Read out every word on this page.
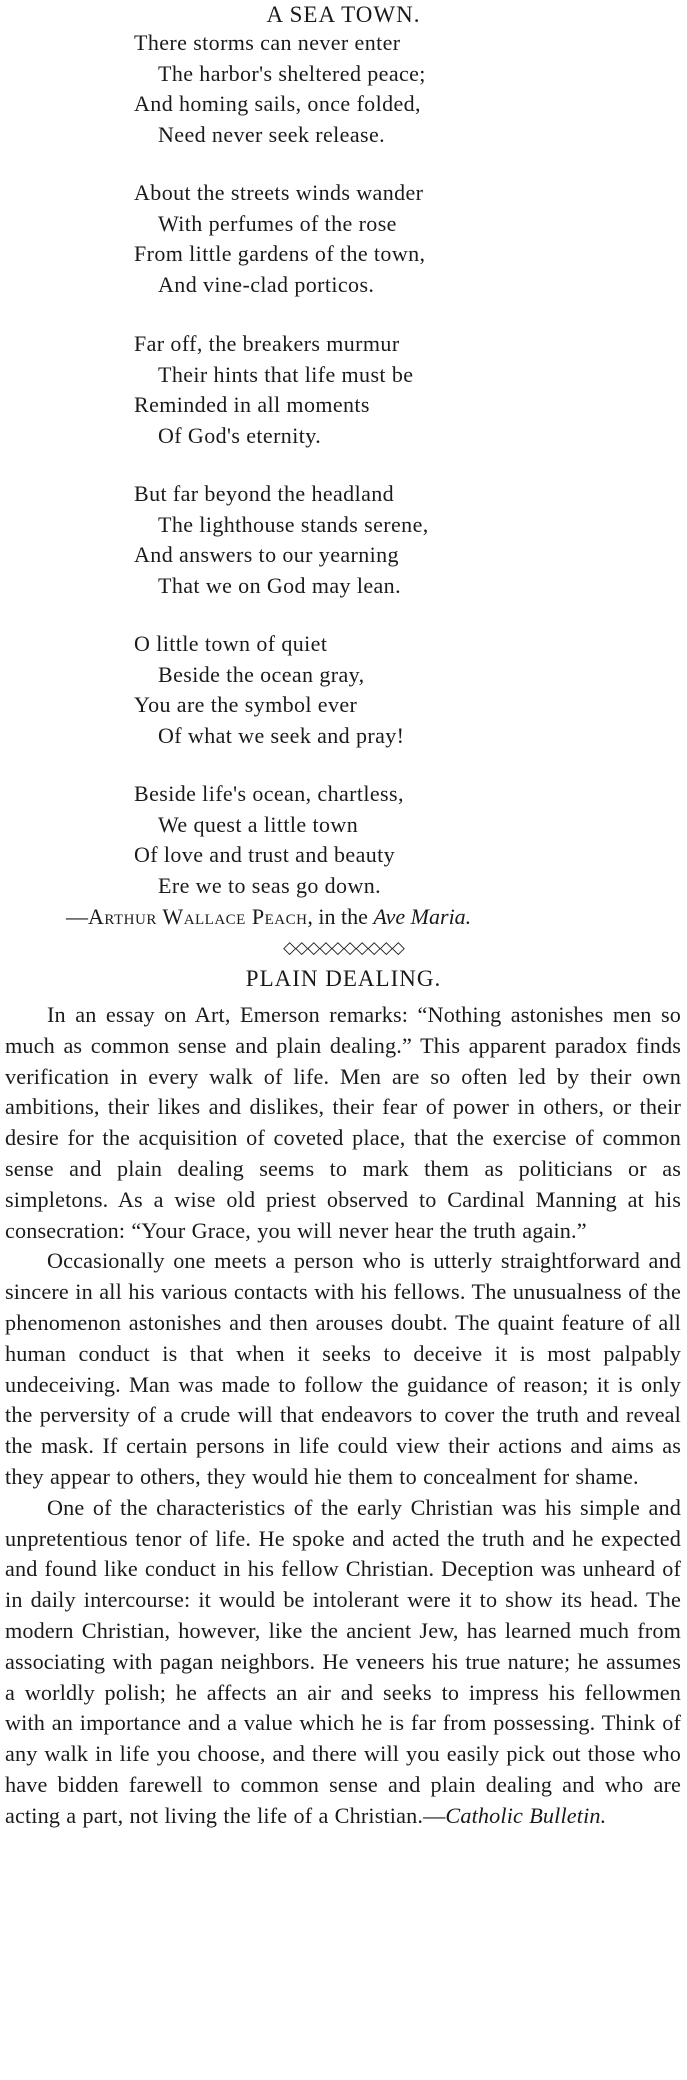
A SEA TOWN.
There storms can never enter
The harbor's sheltered peace;
And homing sails, once folded,
Need never seek release.
About the streets winds wander
With perfumes of the rose
From little gardens of the town,
And vine-clad porticos.
Far off, the breakers murmur
Their hints that life must be
Reminded in all moments
Of God's eternity.
But far beyond the headland
The lighthouse stands serene,
And answers to our yearning
That we on God may lean.
O little town of quiet
Beside the ocean gray,
You are the symbol ever
Of what we seek and pray!
Beside life's ocean, chartless,
We quest a little town
Of love and trust and beauty
Ere we to seas go down.
—Arthur Wallace Peach, in the Ave Maria.
◇◇◇◇◇◇◇◇◇◇
PLAIN DEALING.

In an essay on Art, Emerson remarks: “Nothing astonishes men so much as common sense and plain dealing.” This apparent paradox finds verification in every walk of life. Men are so often led by their own ambitions, their likes and dislikes, their fear of power in others, or their desire for the acquisition of coveted place, that the exercise of common sense and plain dealing seems to mark them as politicians or as simpletons. As a wise old priest observed to Cardinal Manning at his consecration: “Your Grace, you will never hear the truth again.”

Occasionally one meets a person who is utterly straightforward and sincere in all his various contacts with his fellows. The unusualness of the phenomenon astonishes and then arouses doubt. The quaint feature of all human conduct is that when it seeks to deceive it is most palpably undeceiving. Man was made to follow the guidance of reason; it is only the perversity of a crude will that endeavors to cover the truth and reveal the mask. If certain persons in life could view their actions and aims as they appear to others, they would hie them to concealment for shame.

One of the characteristics of the early Christian was his simple and unpretentious tenor of life. He spoke and acted the truth and he expected and found like conduct in his fellow Christian. Deception was unheard of in daily intercourse: it would be intolerant were it to show its head. The modern Christian, however, like the ancient Jew, has learned much from associating with pagan neighbors. He veneers his true nature; he assumes a worldly polish; he affects an air and seeks to impress his fellowmen with an importance and a value which he is far from possessing. Think of any walk in life you choose, and there will you easily pick out those who have bidden farewell to common sense and plain dealing and who are acting a part, not living the life of a Christian.—Catholic Bulletin.
